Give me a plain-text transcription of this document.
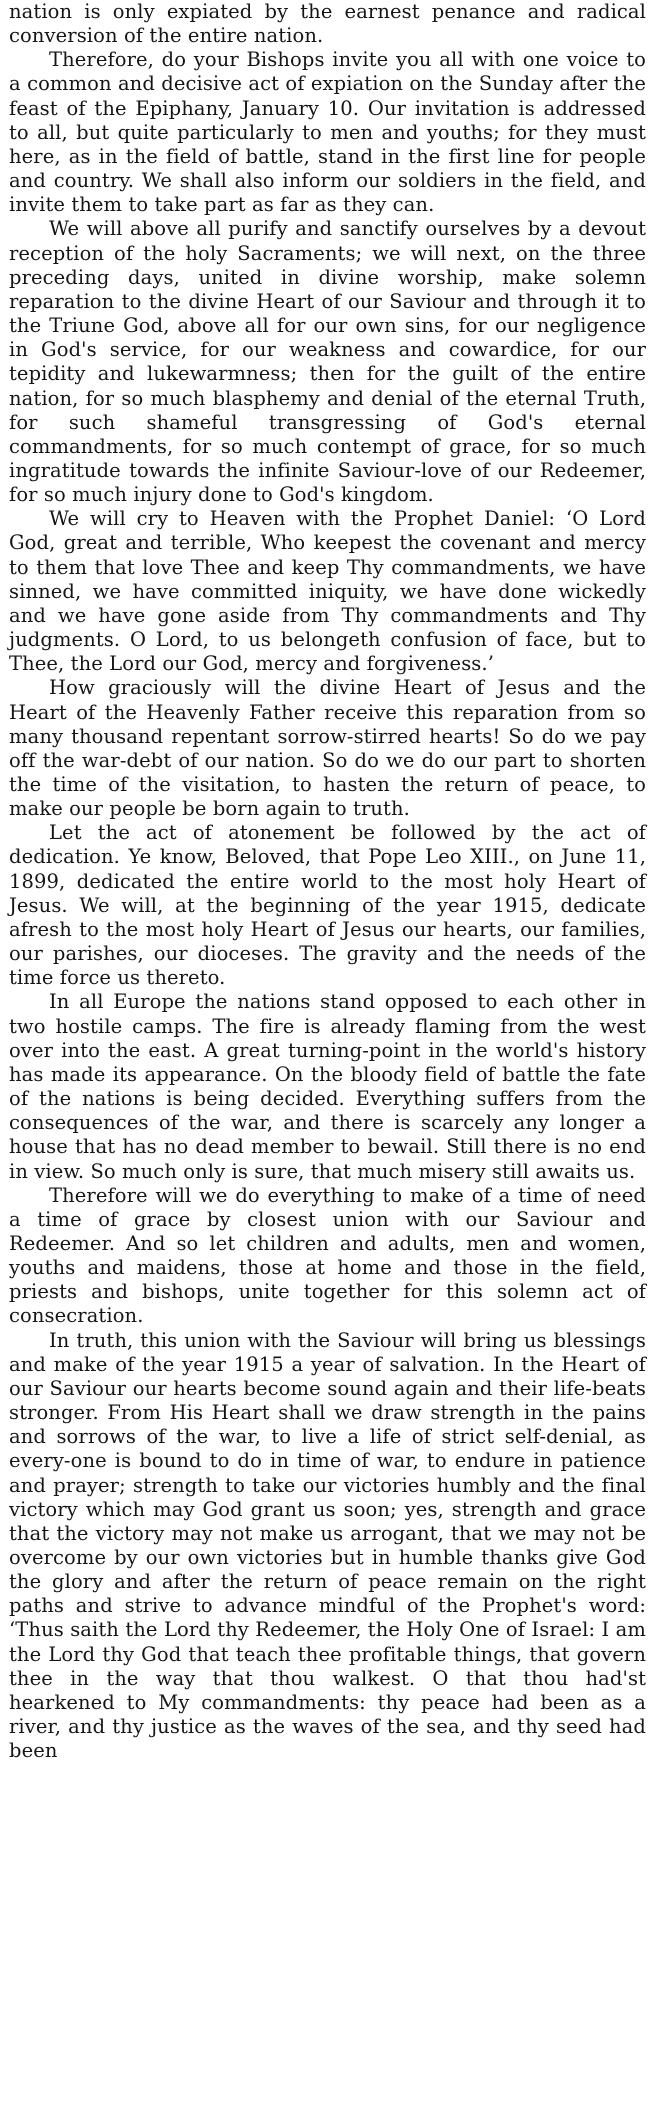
nation is only expiated by the earnest penance and radical conversion of the entire nation.

Therefore, do your Bishops invite you all with one voice to a common and decisive act of expiation on the Sunday after the feast of the Epiphany, January 10. Our invitation is addressed to all, but quite particularly to men and youths; for they must here, as in the field of battle, stand in the first line for people and country. We shall also inform our soldiers in the field, and invite them to take part as far as they can.

We will above all purify and sanctify ourselves by a devout reception of the holy Sacraments; we will next, on the three preceding days, united in divine worship, make solemn reparation to the divine Heart of our Saviour and through it to the Triune God, above all for our own sins, for our negligence in God's service, for our weakness and cowardice, for our tepidity and lukewarmness; then for the guilt of the entire nation, for so much blasphemy and denial of the eternal Truth, for such shameful transgressing of God's eternal commandments, for so much contempt of grace, for so much ingratitude towards the infinite Saviour-love of our Redeemer, for so much injury done to God's kingdom.

We will cry to Heaven with the Prophet Daniel: ‘O Lord God, great and terrible, Who keepest the covenant and mercy to them that love Thee and keep Thy commandments, we have sinned, we have committed iniquity, we have done wickedly and we have gone aside from Thy commandments and Thy judgments. O Lord, to us belongeth confusion of face, but to Thee, the Lord our God, mercy and forgiveness.’

How graciously will the divine Heart of Jesus and the Heart of the Heavenly Father receive this reparation from so many thousand repentant sorrow-stirred hearts! So do we pay off the war-debt of our nation. So do we do our part to shorten the time of the visitation, to hasten the return of peace, to make our people be born again to truth.

Let the act of atonement be followed by the act of dedication. Ye know, Beloved, that Pope Leo XIII., on June 11, 1899, dedicated the entire world to the most holy Heart of Jesus. We will, at the beginning of the year 1915, dedicate afresh to the most holy Heart of Jesus our hearts, our families, our parishes, our dioceses. The gravity and the needs of the time force us thereto.

In all Europe the nations stand opposed to each other in two hostile camps. The fire is already flaming from the west over into the east. A great turning-point in the world's history has made its appearance. On the bloody field of battle the fate of the nations is being decided. Everything suffers from the consequences of the war, and there is scarcely any longer a house that has no dead member to bewail. Still there is no end in view. So much only is sure, that much misery still awaits us.

Therefore will we do everything to make of a time of need a time of grace by closest union with our Saviour and Redeemer. And so let children and adults, men and women, youths and maidens, those at home and those in the field, priests and bishops, unite together for this solemn act of consecration.

In truth, this union with the Saviour will bring us blessings and make of the year 1915 a year of salvation. In the Heart of our Saviour our hearts become sound again and their life-beats stronger. From His Heart shall we draw strength in the pains and sorrows of the war, to live a life of strict self-denial, as every-one is bound to do in time of war, to endure in patience and prayer; strength to take our victories humbly and the final victory which may God grant us soon; yes, strength and grace that the victory may not make us arrogant, that we may not be overcome by our own victories but in humble thanks give God the glory and after the return of peace remain on the right paths and strive to advance mindful of the Prophet's word: ‘Thus saith the Lord thy Redeemer, the Holy One of Israel: I am the Lord thy God that teach thee profitable things, that govern thee in the way that thou walkest. O that thou had'st hearkened to My commandments: thy peace had been as a river, and thy justice as the waves of the sea, and thy seed had been
